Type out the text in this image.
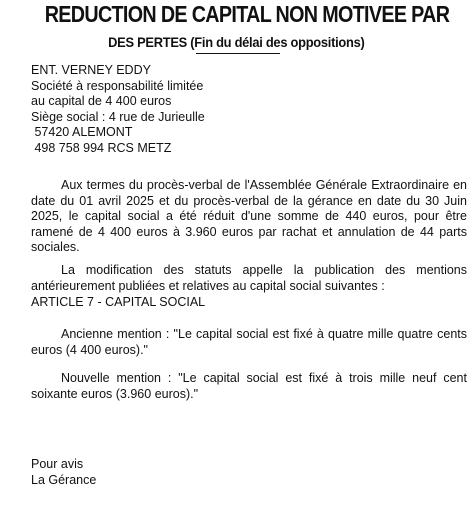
REDUCTION DE CAPITAL NON MOTIVEE PAR
DES PERTES (Fin du délai des oppositions)
ENT. VERNEY EDDY
Société à responsabilité limitée
au capital de 4 400 euros
Siège social : 4 rue de Jurieulle
57420 ALEMONT
498 758 994 RCS METZ
Aux termes du procès-verbal de l'Assemblée Générale Extraordinaire en date du 01 avril 2025 et du procès-verbal de la gérance en date du 30 Juin 2025, le capital social a été réduit d'une somme de 440 euros, pour être ramené de 4 400 euros à 3.960 euros par rachat et annulation de 44 parts sociales.
La modification des statuts appelle la publication des mentions antérieurement publiées et relatives au capital social suivantes :
ARTICLE 7 - CAPITAL SOCIAL
Ancienne mention : "Le capital social est fixé à quatre mille quatre cents euros (4 400 euros)."
Nouvelle mention : "Le capital social est fixé à trois mille neuf cent soixante euros (3.960 euros)."
Pour avis
La Gérance
